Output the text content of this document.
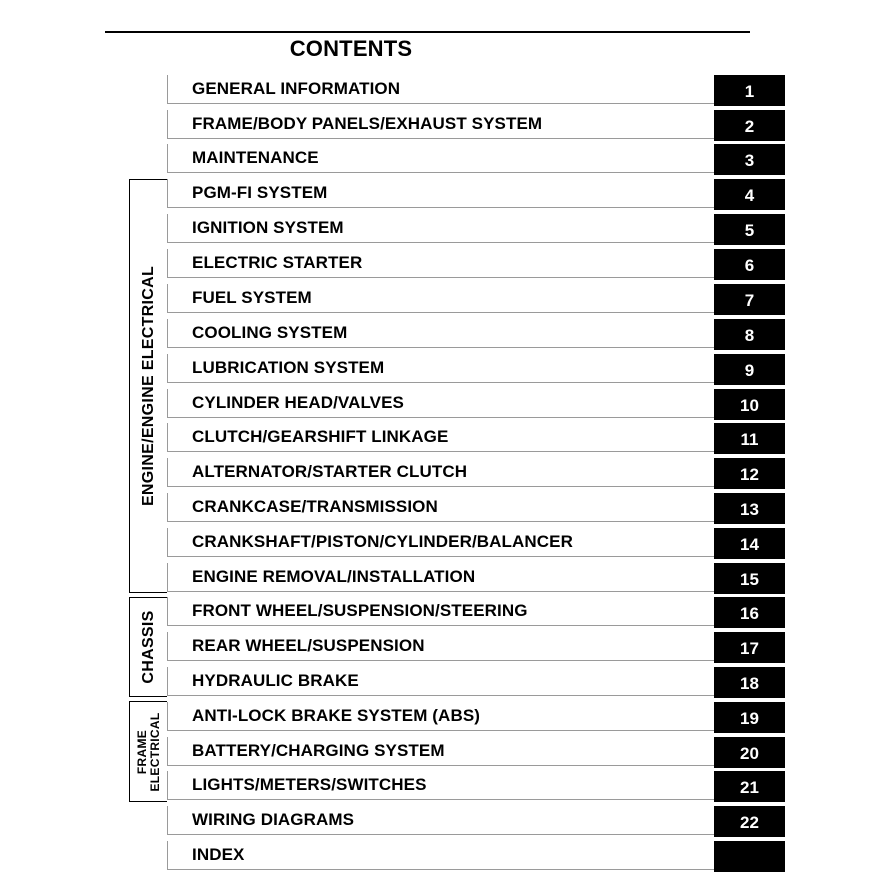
CONTENTS
ENGINE/ENGINE ELECTRICAL
CHASSIS
FRAME ELECTRICAL
GENERAL INFORMATION	1
FRAME/BODY PANELS/EXHAUST SYSTEM	2
MAINTENANCE	3
PGM-FI SYSTEM	4
IGNITION SYSTEM	5
ELECTRIC STARTER	6
FUEL SYSTEM	7
COOLING SYSTEM	8
LUBRICATION SYSTEM	9
CYLINDER HEAD/VALVES	10
CLUTCH/GEARSHIFT LINKAGE	11
ALTERNATOR/STARTER CLUTCH	12
CRANKCASE/TRANSMISSION	13
CRANKSHAFT/PISTON/CYLINDER/BALANCER	14
ENGINE REMOVAL/INSTALLATION	15
FRONT WHEEL/SUSPENSION/STEERING	16
REAR WHEEL/SUSPENSION	17
HYDRAULIC BRAKE	18
ANTI-LOCK BRAKE SYSTEM (ABS)	19
BATTERY/CHARGING SYSTEM	20
LIGHTS/METERS/SWITCHES	21
WIRING DIAGRAMS	22
INDEX
